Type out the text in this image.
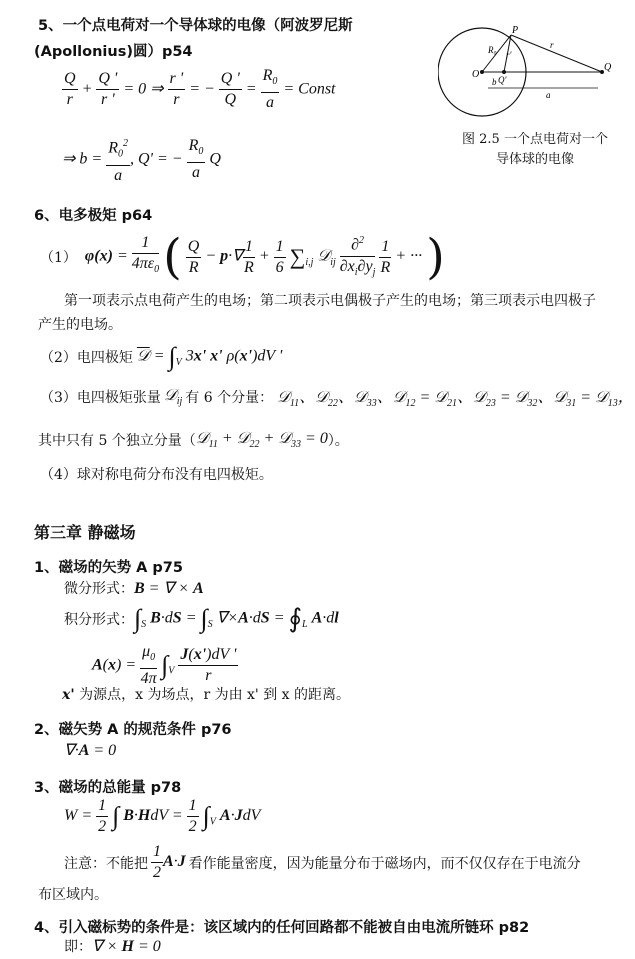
5、一个点电荷对一个导体球的电像（阿波罗尼斯
(Apollonius)圆）p54
$\frac{Q}{r} + \frac{Q '}{r '} = 0$ ⇒ $\frac{r '}{r}$ = − $\frac{Q '}{Q} = \frac{R_0}{a}$ = Const
⇒ $b = \frac{R_0^2}{a}$ , Q' = − $\frac{R_0}{a}$ Q
O
P
Q
Q'
R₀	r
r'
b
a
图 2.5 一个点电荷对一个
导体球的电像
6、电多极矩 p64
（1） $\varphi(x) = \frac{1}{4\pi\varepsilon_0}$ ( $\frac{Q}{R} - p\cdot\nabla \frac{1}{R} + \frac{1}{6} \sum_{i,j}$ 𝒟$_{ij}$ $\frac{\partial^2}{\partial x_i\partial y_j}$
$\frac{1}{R}$ + ··· )
第一项表示点电荷产生的电场；第二项表示电偶极子产生的电场；第三项表示电四极子
产生的电场。
（2）电四极矩 𝒟 = $\int_V$ 3x' x' ρ(x')dV '
（3）电四极矩张量 𝒟$_{ij}$ 有 6 个分量： 𝒟$_{11}$、𝒟$_{22}$、𝒟$_{33}$、𝒟$_{12}$ = 𝒟$_{21}$、𝒟$_{23}$ = 𝒟$_{32}$、𝒟$_{31}$ = 𝒟$_{13}$，
其中只有 5 个独立分量（ 𝒟$_{11}$ + 𝒟$_{22}$ + 𝒟$_{33}$ = 0 ）。
（4）球对称电荷分布没有电四极矩。
第三章 静磁场
1、磁场的矢势 A p75
微分形式： B = ∇ × A
积分形式： $\int_S$ $B\cdot dS = \int_S$ $\nabla\times A\cdot dS = ∮_L$ A·dl
$A(x) = \frac{\mu_0}{4\pi} \int_V \frac{J(x')dV '}{r}$
x' 为源点，x 为场点，r 为由 x' 到 x 的距离。
2、磁矢势 A 的规范条件 p76
∇·A = 0
3、磁场的总能量 p78
$W = \frac{1}{2}$ ∫ $B\cdot HdV = \frac{1}{2} \int_V$ A·JdV
注意：不能把 $\frac{1}{2} A\cdot J$ 看作能量密度，因为能量分布于磁场内，而不仅仅存在于电流分
布区域内。
4、引入磁标势的条件是：该区域内的任何回路都不能被自由电流所链环 p82
即： ∇ × H = 0
